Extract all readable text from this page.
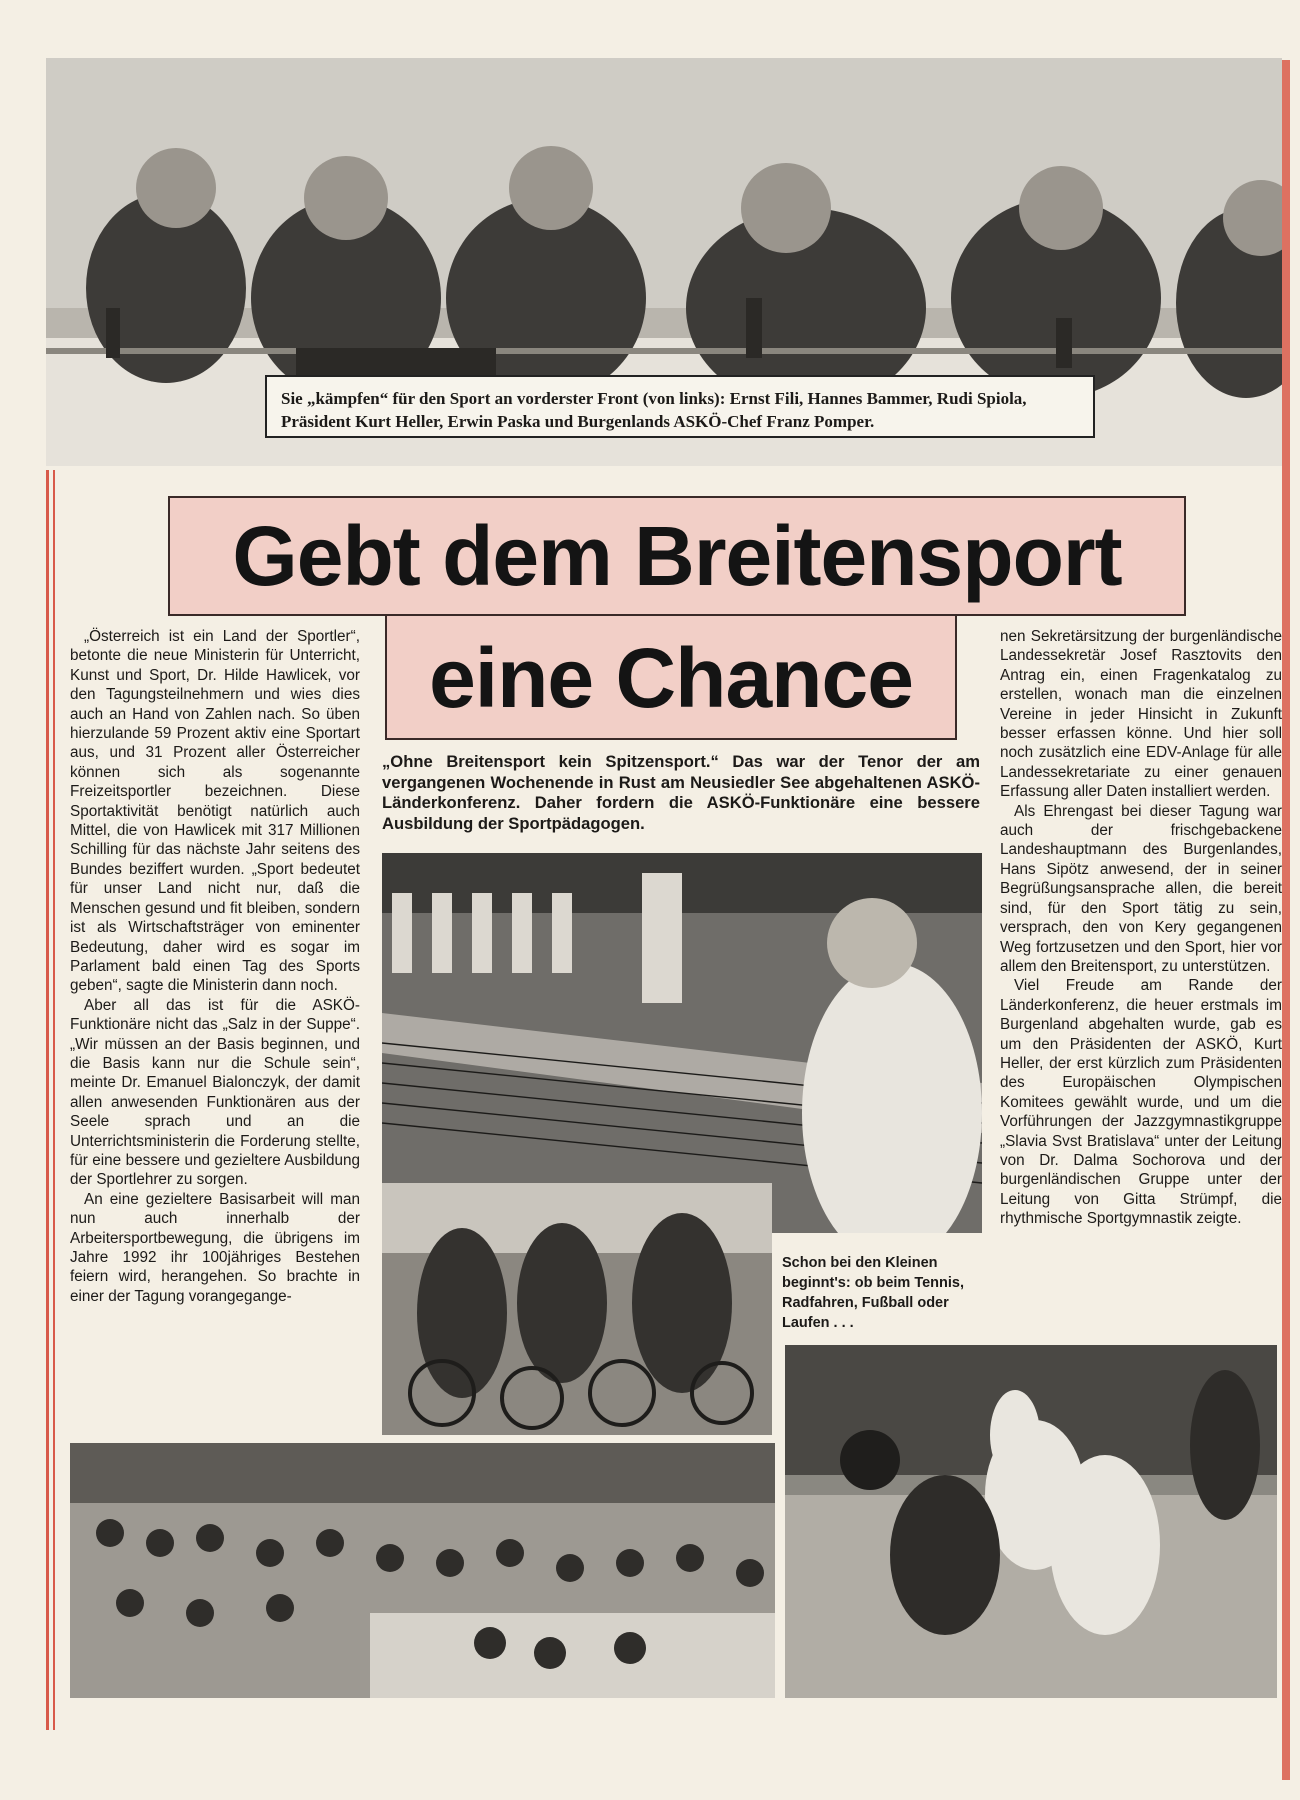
Sie „kämpfen“ für den Sport an vorderster Front (von links): Ernst Fili, Hannes Bammer, Rudi Spiola, Präsident Kurt Heller, Erwin Paska und Burgenlands ASKÖ-Chef Franz Pomper.
Gebt dem Breitensport
eine Chance

„Österreich ist ein Land der Sportler“, betonte die neue Ministerin für Unterricht, Kunst und Sport, Dr. Hilde Hawlicek, vor den Tagungsteilnehmern und wies dies auch an Hand von Zahlen nach. So üben hierzulande 59 Prozent aktiv eine Sportart aus, und 31 Prozent aller Österreicher können sich als sogenannte Freizeitsportler bezeichnen. Diese Sportaktivität benötigt natürlich auch Mittel, die von Hawlicek mit 317 Millionen Schilling für das nächste Jahr seitens des Bundes beziffert wurden. „Sport bedeutet für unser Land nicht nur, daß die Menschen gesund und fit bleiben, sondern ist als Wirtschaftsträger von eminenter Bedeutung, daher wird es sogar im Parlament bald einen Tag des Sports geben“, sagte die Ministerin dann noch.

Aber all das ist für die ASKÖ-Funktionäre nicht das „Salz in der Suppe“. „Wir müssen an der Basis beginnen, und die Basis kann nur die Schule sein“, meinte Dr. Emanuel Bialonczyk, der damit allen anwesenden Funktionären aus der Seele sprach und an die Unterrichtsministerin die Forderung stellte, für eine bessere und gezieltere Ausbildung der Sportlehrer zu sorgen.

An eine gezieltere Basisarbeit will man nun auch innerhalb der Arbeitersportbewegung, die übrigens im Jahre 1992 ihr 100jähriges Bestehen feiern wird, herangehen. So brachte in einer der Tagung vorangegange-

„Ohne Breitensport kein Spitzensport.“ Das war der Tenor der am vergangenen Wochenende in Rust am Neusiedler See abgehaltenen ASKÖ-Länderkonferenz. Daher fordern die ASKÖ-Funktionäre eine bessere Ausbildung der Sportpädagogen.
Schon bei den Kleinen beginnt's: ob beim Tennis, Radfahren, Fußball oder Laufen . . .

nen Sekretärsitzung der burgenländische Landessekretär Josef Rasztovits den Antrag ein, einen Fragenkatalog zu erstellen, wonach man die einzelnen Vereine in jeder Hinsicht in Zukunft besser erfassen könne. Und hier soll noch zusätzlich eine EDV-Anlage für alle Landessekretariate zu einer genauen Erfassung aller Daten installiert werden.

Als Ehrengast bei dieser Tagung war auch der frischgebackene Landeshauptmann des Burgenlandes, Hans Sipötz anwesend, der in seiner Begrüßungsansprache allen, die bereit sind, für den Sport tätig zu sein, versprach, den von Kery gegangenen Weg fortzusetzen und den Sport, hier vor allem den Breitensport, zu unterstützen.

Viel Freude am Rande der Länderkonferenz, die heuer erstmals im Burgenland abgehalten wurde, gab es um den Präsidenten der ASKÖ, Kurt Heller, der erst kürzlich zum Präsidenten des Europäischen Olympischen Komitees gewählt wurde, und um die Vorführungen der Jazzgymnastikgruppe „Slavia Svst Bratislava“ unter der Leitung von Dr. Dalma Sochorova und der burgenländischen Gruppe unter der Leitung von Gitta Strümpf, die rhythmische Sportgymnastik zeigte.
